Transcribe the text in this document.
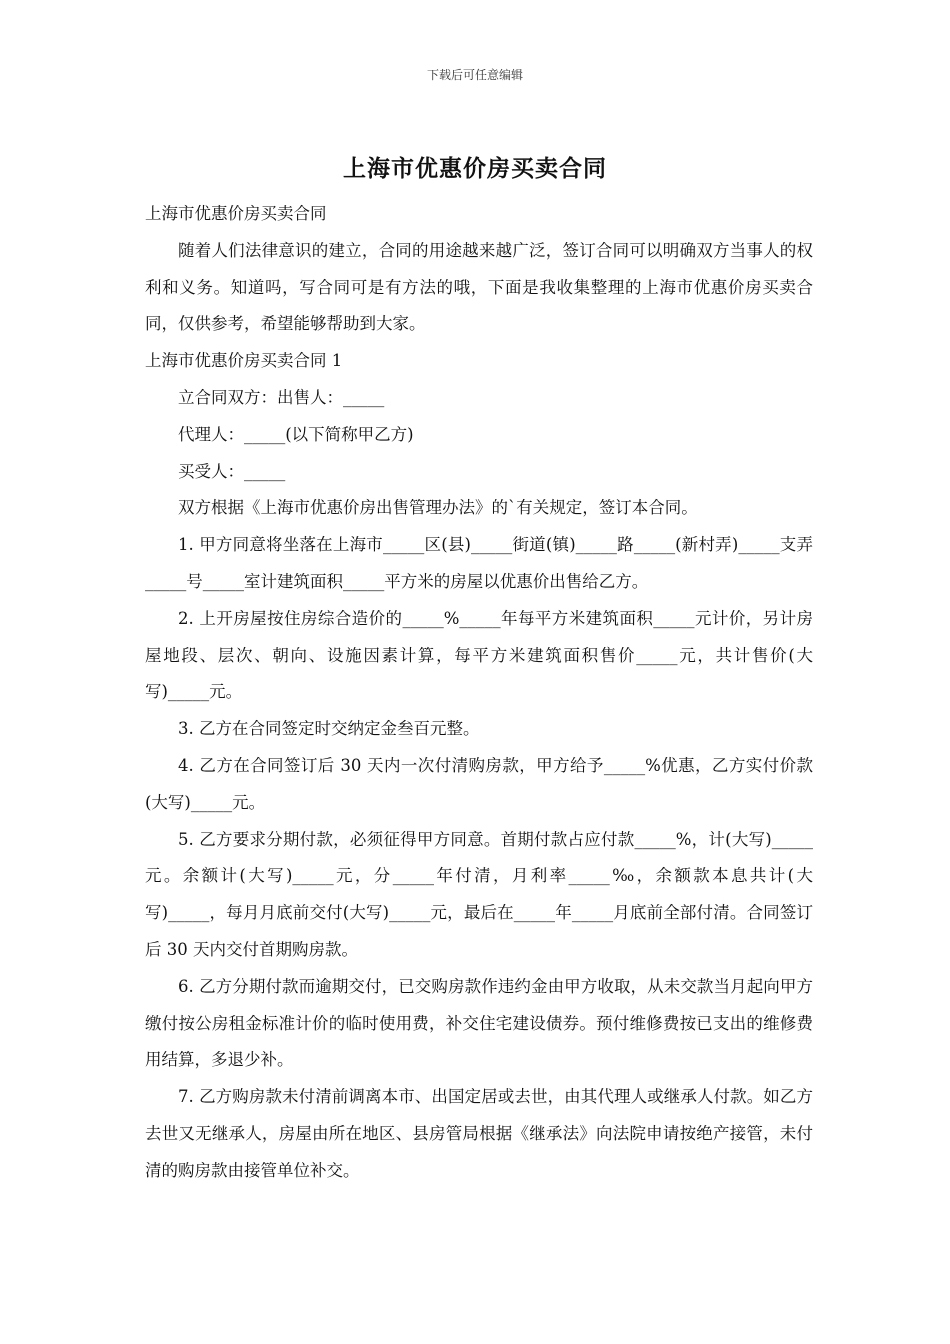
下载后可任意编辑
上海市优惠价房买卖合同

上海市优惠价房买卖合同

随着人们法律意识的建立，合同的用途越来越广泛，签订合同可以明确双方当事人的权利和义务。知道吗，写合同可是有方法的哦，下面是我收集整理的上海市优惠价房买卖合同，仅供参考，希望能够帮助到大家。

上海市优惠价房买卖合同 1

立合同双方：出售人：_____

代理人：_____(以下简称甲乙方)

买受人：_____

双方根据《上海市优惠价房出售管理办法》的`有关规定，签订本合同。

1. 甲方同意将坐落在上海市_____区(县)_____街道(镇)_____路_____(新村弄)_____支弄_____号_____室计建筑面积_____平方米的房屋以优惠价出售给乙方。

2. 上开房屋按住房综合造价的_____%_____年每平方米建筑面积_____元计价，另计房屋地段、层次、朝向、设施因素计算，每平方米建筑面积售价_____元，共计售价(大写)_____元。

3. 乙方在合同签定时交纳定金叁百元整。

4. 乙方在合同签订后 30 天内一次付清购房款，甲方给予_____%优惠，乙方实付价款(大写)_____元。

5. 乙方要求分期付款，必须征得甲方同意。首期付款占应付款_____%，计(大写)_____元。余额计(大写)_____元，分_____年付清，月利率_____‰，余额款本息共计(大写)_____，每月月底前交付(大写)_____元，最后在_____年_____月底前全部付清。合同签订后 30 天内交付首期购房款。

6. 乙方分期付款而逾期交付，已交购房款作违约金由甲方收取，从未交款当月起向甲方缴付按公房租金标准计价的临时使用费，补交住宅建设债券。预付维修费按已支出的维修费用结算，多退少补。

7. 乙方购房款未付清前调离本市、出国定居或去世，由其代理人或继承人付款。如乙方去世又无继承人，房屋由所在地区、县房管局根据《继承法》向法院申请按绝产接管，未付清的购房款由接管单位补交。
